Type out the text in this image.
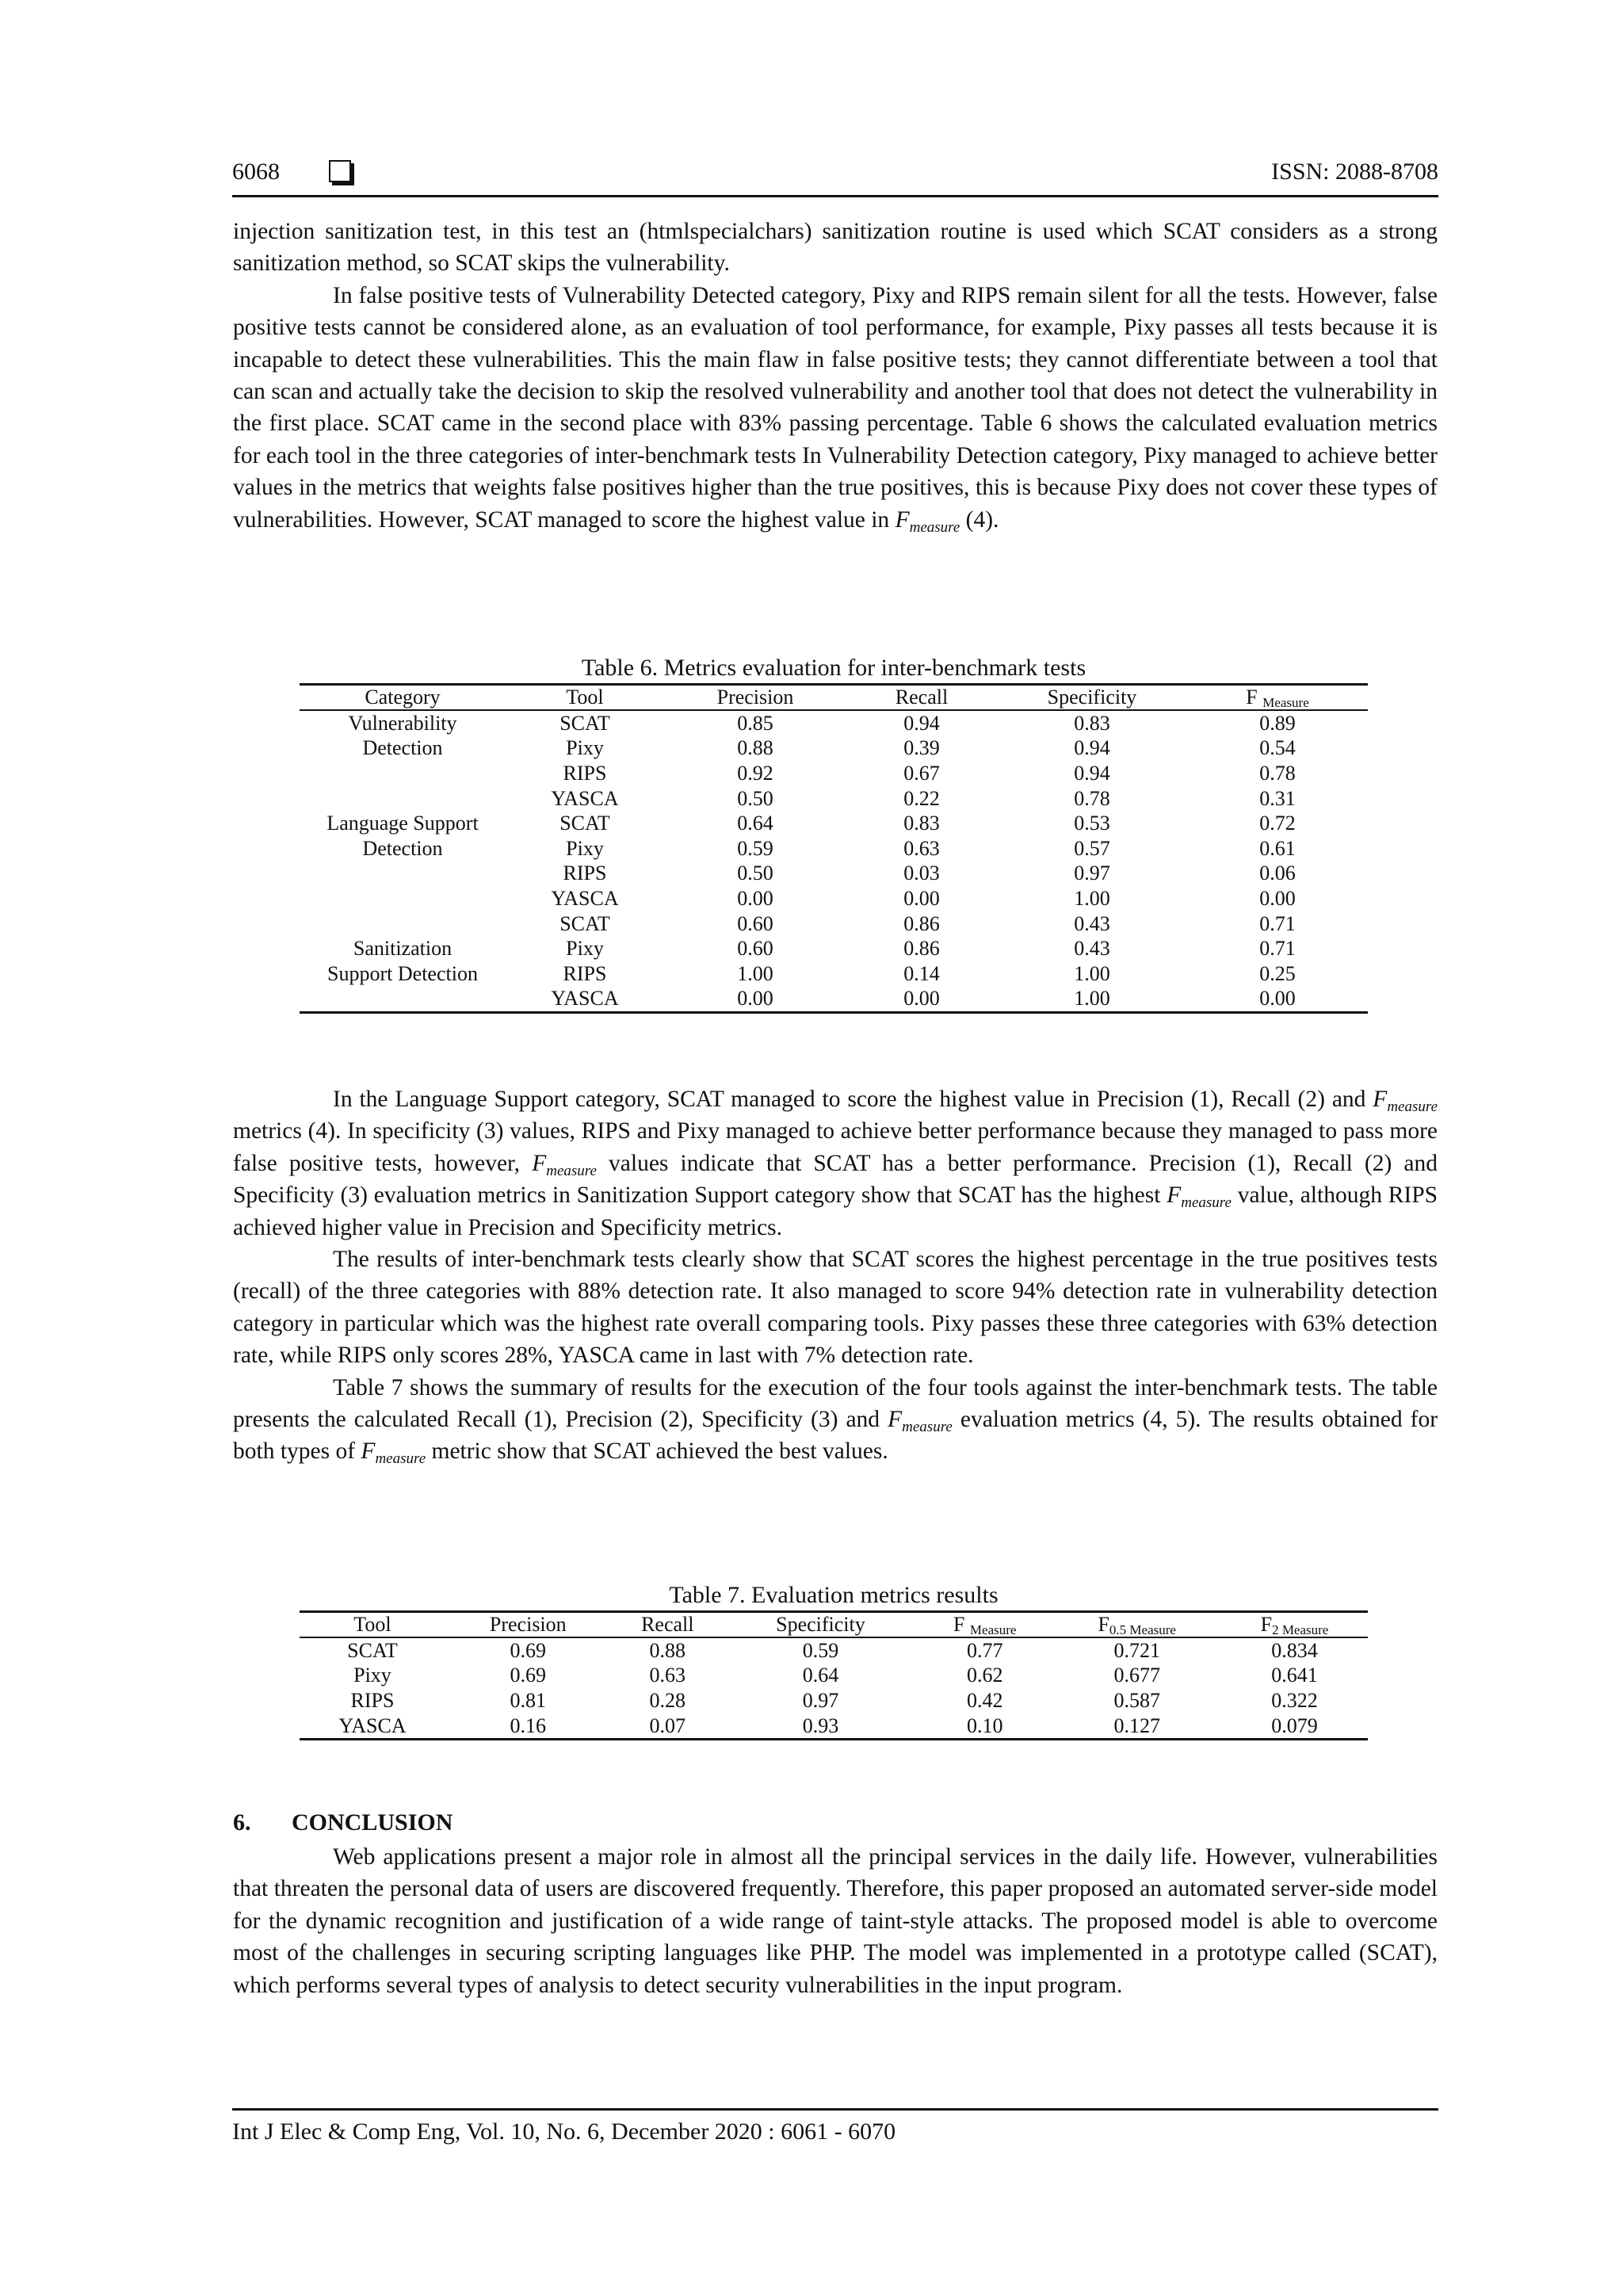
6068	ISSN: 2088-8708

injection sanitization test, in this test an (htmlspecialchars) sanitization routine is used which SCAT considers as a strong sanitization method, so SCAT skips the vulnerability.

In false positive tests of Vulnerability Detected category, Pixy and RIPS remain silent for all the tests. However, false positive tests cannot be considered alone, as an evaluation of tool performance, for example, Pixy passes all tests because it is incapable to detect these vulnerabilities. This the main flaw in false positive tests; they cannot differentiate between a tool that can scan and actually take the decision to skip the resolved vulnerability and another tool that does not detect the vulnerability in the first place. SCAT came in the second place with 83% passing percentage. Table 6 shows the calculated evaluation metrics for each tool in the three categories of inter-benchmark tests In Vulnerability Detection category, Pixy managed to achieve better values in the metrics that weights false positives higher than the true positives, this is because Pixy does not cover these types of vulnerabilities. However, SCAT managed to score the highest value in $F_{measure}$ (4).

Table 6. Metrics evaluation for inter-benchmark tests
Category	Tool	Precision	Recall	Specificity	F $_{Measure}$
Vulnerability	SCAT	0.85	0.94	0.83	0.89
Detection	Pixy	0.88	0.39	0.94	0.54
	RIPS	0.92	0.67	0.94	0.78
	YASCA	0.50	0.22	0.78	0.31
Language Support	SCAT	0.64	0.83	0.53	0.72
Detection	Pixy	0.59	0.63	0.57	0.61
	RIPS	0.50	0.03	0.97	0.06
	YASCA	0.00	0.00	1.00	0.00
	SCAT	0.60	0.86	0.43	0.71
Sanitization	Pixy	0.60	0.86	0.43	0.71
Support Detection	RIPS	1.00	0.14	1.00	0.25
	YASCA	0.00	0.00	1.00	0.00

In the Language Support category, SCAT managed to score the highest value in Precision (1), Recall (2) and $F_{measure}$ metrics (4). In specificity (3) values, RIPS and Pixy managed to achieve better performance because they managed to pass more false positive tests, however, $F_{measure}$ values indicate that SCAT has a better performance. Precision (1), Recall (2) and Specificity (3) evaluation metrics in Sanitization Support category show that SCAT has the highest $F_{measure}$ value, although RIPS achieved higher value in Precision and Specificity metrics.

The results of inter-benchmark tests clearly show that SCAT scores the highest percentage in the true positives tests (recall) of the three categories with 88% detection rate. It also managed to score 94% detection rate in vulnerability detection category in particular which was the highest rate overall comparing tools. Pixy passes these three categories with 63% detection rate, while RIPS only scores 28%, YASCA came in last with 7% detection rate.

Table 7 shows the summary of results for the execution of the four tools against the inter-benchmark tests. The table presents the calculated Recall (1), Precision (2), Specificity (3) and $F_{measure}$ evaluation metrics (4, 5). The results obtained for both types of $F_{measure}$ metric show that SCAT achieved the best values.

Table 7. Evaluation metrics results
Tool	Precision	Recall	Specificity	F $_{Measure}$	$F_{0.5 Measure}$	$F_{2 Measure}$
SCAT	0.69	0.88	0.59	0.77	0.721	0.834
Pixy	0.69	0.63	0.64	0.62	0.677	0.641
RIPS	0.81	0.28	0.97	0.42	0.587	0.322
YASCA	0.16	0.07	0.93	0.10	0.127	0.079
6. CONCLUSION

Web applications present a major role in almost all the principal services in the daily life. However, vulnerabilities that threaten the personal data of users are discovered frequently. Therefore, this paper proposed an automated server-side model for the dynamic recognition and justification of a wide range of taint-style attacks. The proposed model is able to overcome most of the challenges in securing scripting languages like PHP. The model was implemented in a prototype called (SCAT), which performs several types of analysis to detect security vulnerabilities in the input program.

Int J Elec & Comp Eng, Vol. 10, No. 6, December 2020 : 6061 - 6070
